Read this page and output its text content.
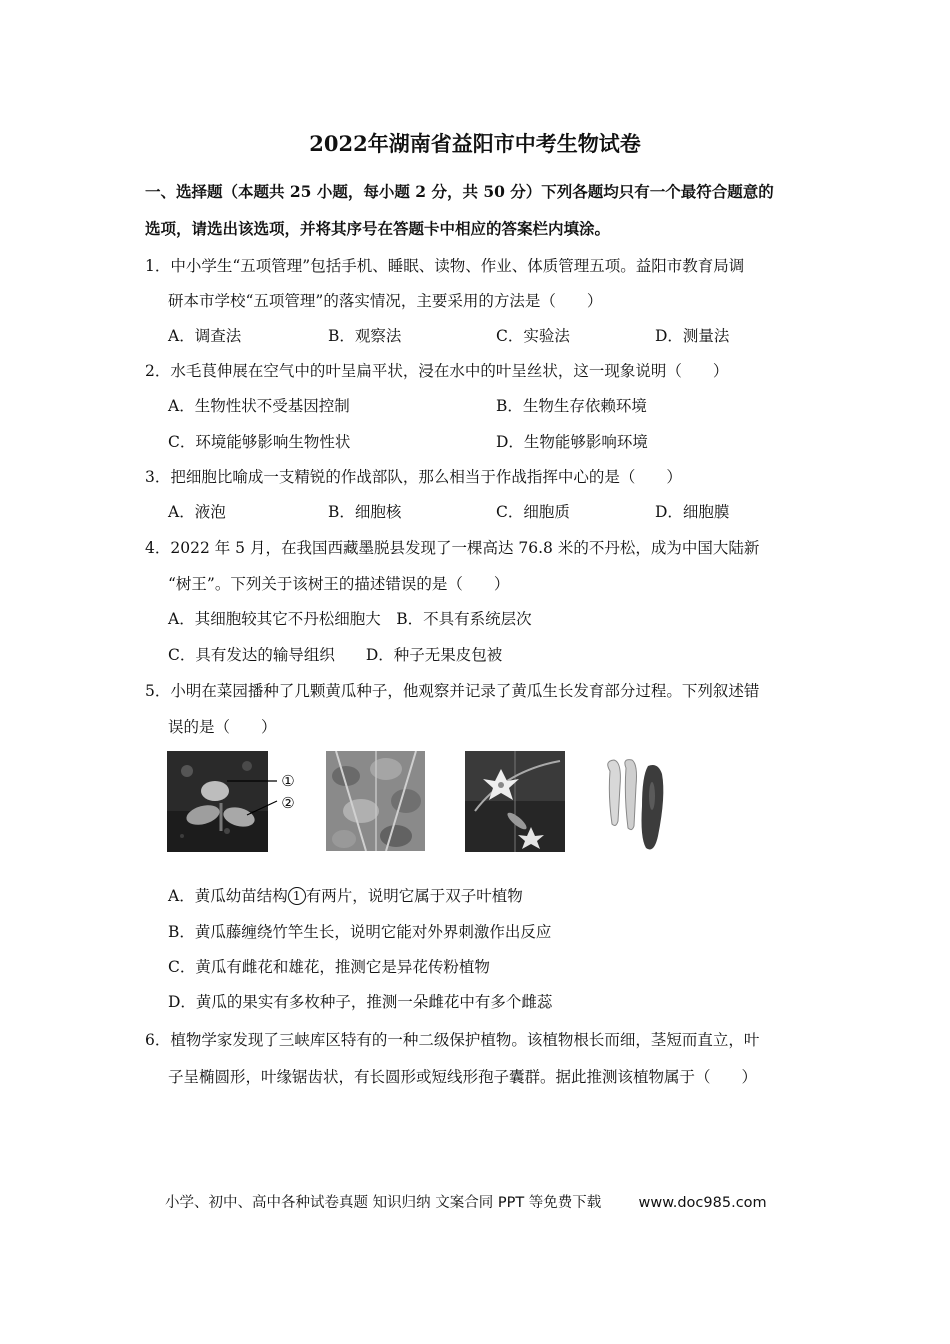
2022年湖南省益阳市中考生物试卷
一、选择题（本题共 25 小题，每小题 2 分，共 50 分）下列各题均只有一个最符合题意的
选项，请选出该选项，并将其序号在答题卡中相应的答案栏内填涂。
1．中小学生“五项管理”包括手机、睡眠、读物、作业、体质管理五项。益阳市教育局调
研本市学校“五项管理”的落实情况，主要采用的方法是（　　）
A．调查法	B．观察法	C．实验法	D．测量法
2．水毛茛伸展在空气中的叶呈扁平状，浸在水中的叶呈丝状，这一现象说明（　　）
A．生物性状不受基因控制	B．生物生存依赖环境
C．环境能够影响生物性状	D．生物能够影响环境
3．把细胞比喻成一支精锐的作战部队，那么相当于作战指挥中心的是（　　）
A．液泡	B．细胞核	C．细胞质	D．细胞膜
4．2022 年 5 月，在我国西藏墨脱县发现了一棵高达 76.8 米的不丹松，成为中国大陆新
“树王”。下列关于该树王的描述错误的是（　　）
A．其细胞较其它不丹松细胞大　B．不具有系统层次
C．具有发达的输导组织　　D．种子无果皮包被
5．小明在菜园播种了几颗黄瓜种子，他观察并记录了黄瓜生长发育部分过程。下列叙述错
误的是（　　）
①
②
A．黄瓜幼苗结构 1 有两片，说明它属于双子叶植物
B．黄瓜藤缠绕竹竿生长，说明它能对外界刺激作出反应
C．黄瓜有雌花和雄花，推测它是异花传粉植物
D．黄瓜的果实有多枚种子，推测一朵雌花中有多个雌蕊
6．植物学家发现了三峡库区特有的一种二级保护植物。该植物根长而细，茎短而直立，叶
子呈椭圆形，叶缘锯齿状，有长圆形或短线形孢子囊群。据此推测该植物属于（　　）
小学、初中、高中各种试卷真题 知识归纳 文案合同 PPT 等免费下载	www.doc985.com
